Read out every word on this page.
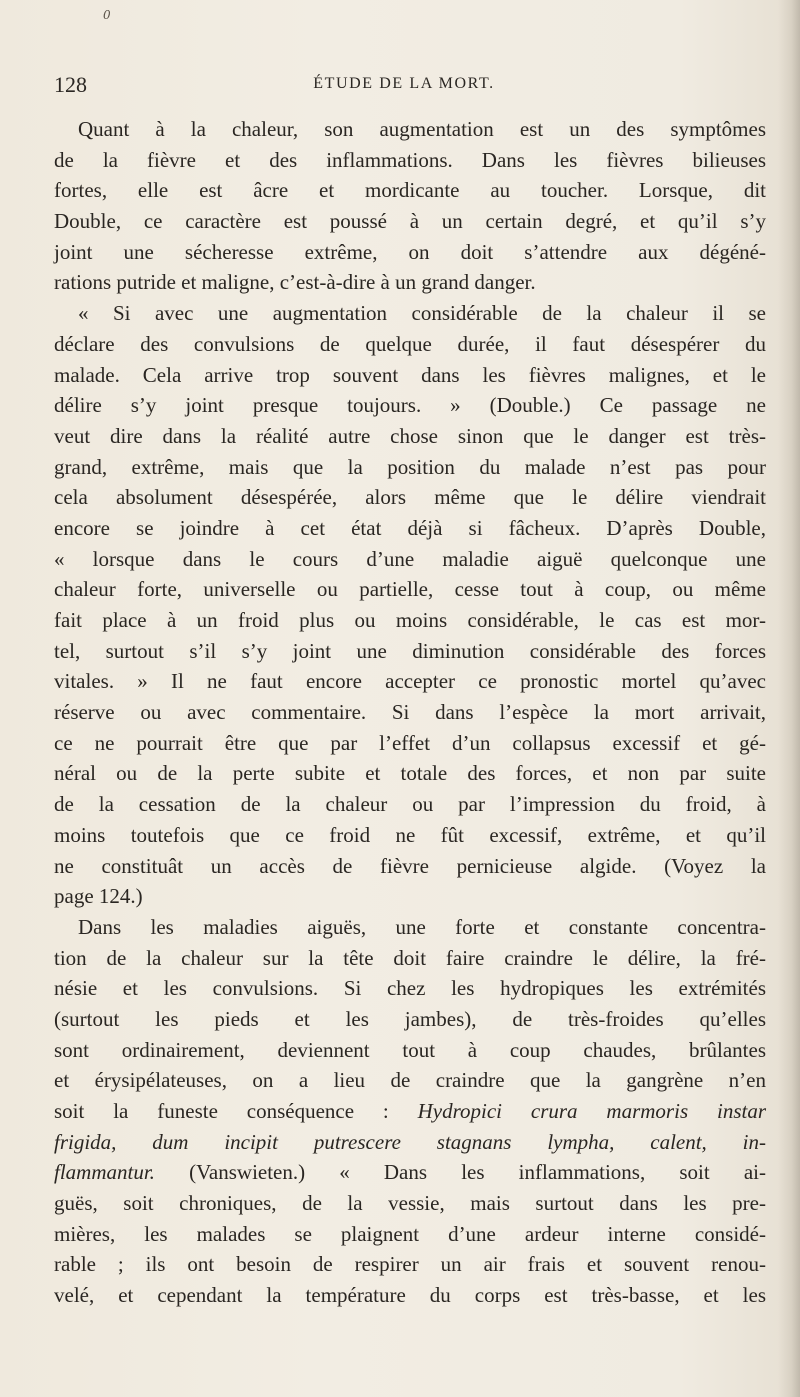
0
128	ÉTUDE DE LA MORT.
Quant à la chaleur, son augmentation est un des symptômes
de la fièvre et des inflammations. Dans les fièvres bilieuses
fortes, elle est âcre et mordicante au toucher. Lorsque, dit
Double, ce caractère est poussé à un certain degré, et qu’il s’y
joint une sécheresse extrême, on doit s’attendre aux dégéné-
rations putride et maligne, c’est-à-dire à un grand danger.
« Si avec une augmentation considérable de la chaleur il se
déclare des convulsions de quelque durée, il faut désespérer du
malade. Cela arrive trop souvent dans les fièvres malignes, et le
délire s’y joint presque toujours. » (Double.) Ce passage ne
veut dire dans la réalité autre chose sinon que le danger est très-
grand, extrême, mais que la position du malade n’est pas pour
cela absolument désespérée, alors même que le délire viendrait
encore se joindre à cet état déjà si fâcheux. D’après Double,
« lorsque dans le cours d’une maladie aiguë quelconque une
chaleur forte, universelle ou partielle, cesse tout à coup, ou même
fait place à un froid plus ou moins considérable, le cas est mor-
tel, surtout s’il s’y joint une diminution considérable des forces
vitales. » Il ne faut encore accepter ce pronostic mortel qu’avec
réserve ou avec commentaire. Si dans l’espèce la mort arrivait,
ce ne pourrait être que par l’effet d’un collapsus excessif et gé-
néral ou de la perte subite et totale des forces, et non par suite
de la cessation de la chaleur ou par l’impression du froid, à
moins toutefois que ce froid ne fût excessif, extrême, et qu’il
ne constituât un accès de fièvre pernicieuse algide. (Voyez la
page 124.)
Dans les maladies aiguës, une forte et constante concentra-
tion de la chaleur sur la tête doit faire craindre le délire, la fré-
nésie et les convulsions. Si chez les hydropiques les extrémités
(surtout les pieds et les jambes), de très-froides qu’elles
sont ordinairement, deviennent tout à coup chaudes, brûlantes
et érysipélateuses, on a lieu de craindre que la gangrène n’en
soit la funeste conséquence : Hydropici crura marmoris instar
frigida, dum incipit putrescere stagnans lympha, calent, in-
flammantur. (Vanswieten.) « Dans les inflammations, soit ai-
guës, soit chroniques, de la vessie, mais surtout dans les pre-
mières, les malades se plaignent d’une ardeur interne considé-
rable ; ils ont besoin de respirer un air frais et souvent renou-
velé, et cependant la température du corps est très-basse, et les
